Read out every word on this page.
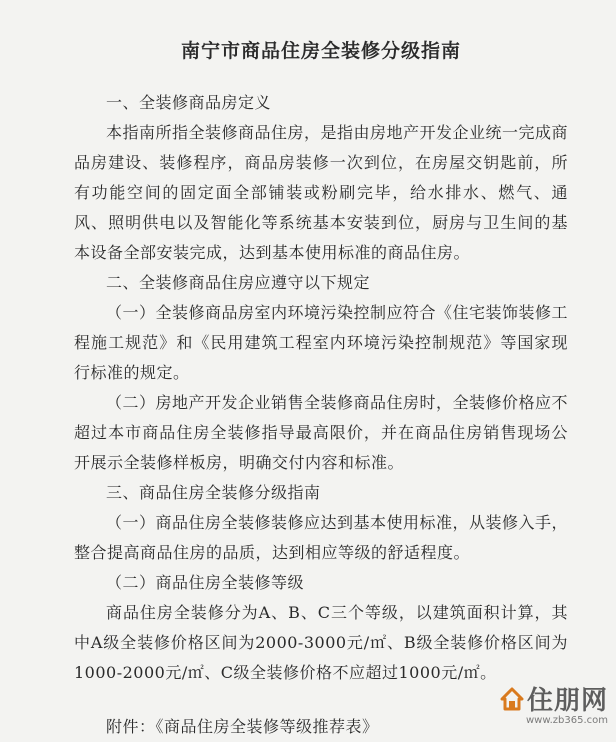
南宁市商品住房全装修分级指南

一、全装修商品房定义

本指南所指全装修商品住房，是指由房地产开发企业统一完成商品房建设、装修程序，商品房装修一次到位，在房屋交钥匙前，所有功能空间的固定面全部铺装或粉刷完毕，给水排水、燃气、通风、照明供电以及智能化等系统基本安装到位，厨房与卫生间的基本设备全部安装完成，达到基本使用标准的商品住房。

二、全装修商品住房应遵守以下规定

（一）全装修商品房室内环境污染控制应符合《住宅装饰装修工程施工规范》和《民用建筑工程室内环境污染控制规范》等国家现行标准的规定。

（二）房地产开发企业销售全装修商品住房时，全装修价格应不超过本市商品住房全装修指导最高限价，并在商品住房销售现场公开展示全装修样板房，明确交付内容和标准。

三、商品住房全装修分级指南

（一）商品住房全装修装修应达到基本使用标准，从装修入手，整合提高商品住房的品质，达到相应等级的舒适程度。

（二）商品住房全装修等级

商品住房全装修分为A、B、C三个等级，以建筑面积计算，其中A级全装修价格区间为2000-3000元/㎡、B级全装修价格区间为1000-2000元/㎡、C级全装修价格不应超过1000元/㎡。

附件：《商品住房全装修等级推荐表》

住朋网
www.zb365.com
